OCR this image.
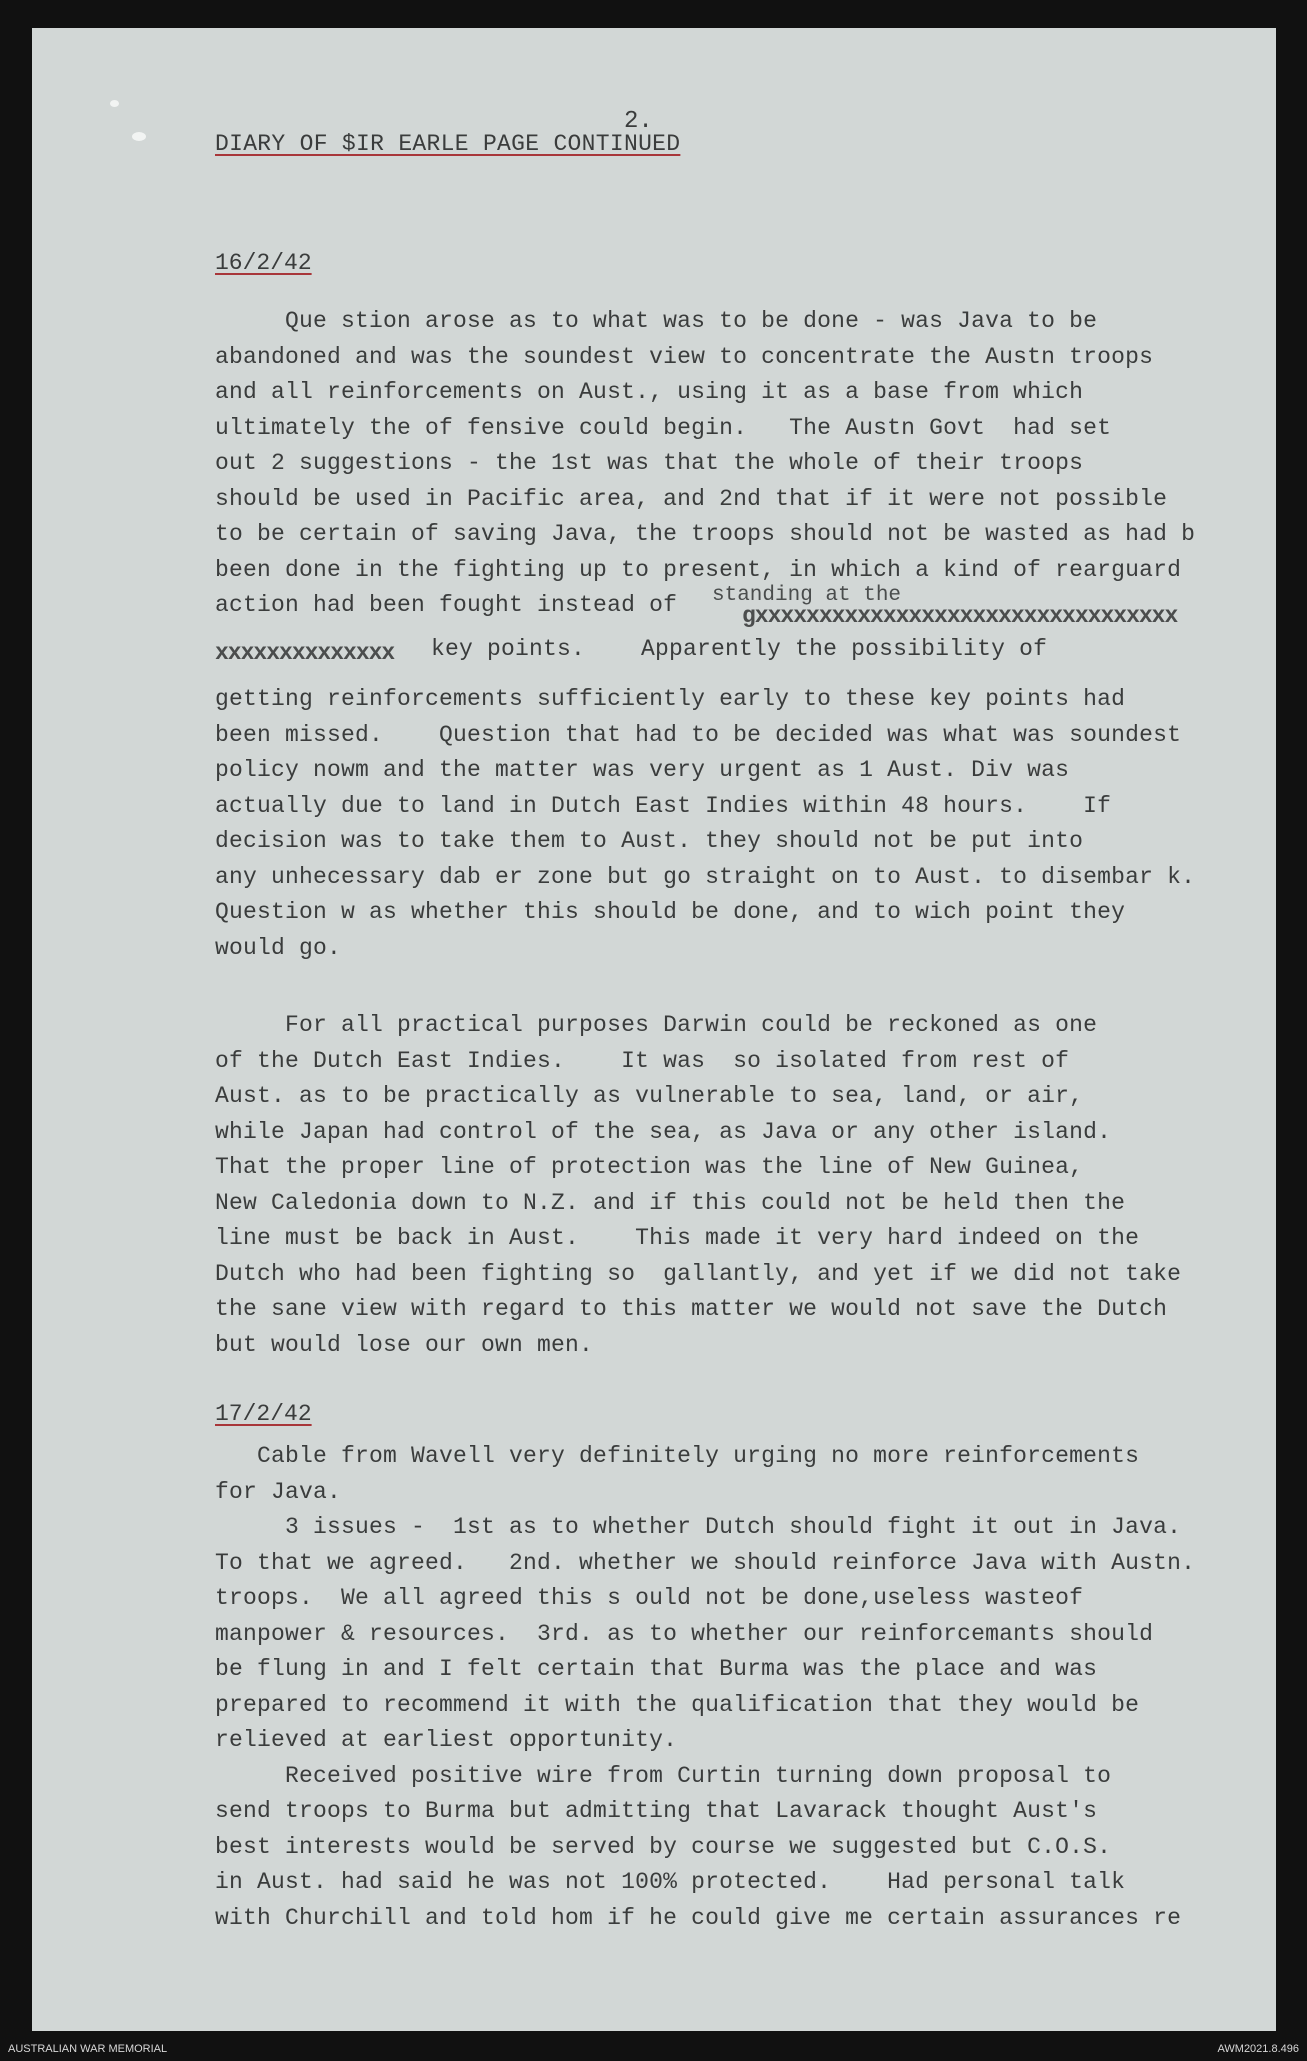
2.
DIARY OF $IR EARLE PAGE CONTINUED
16/2/42
Que stion arose as to what was to be done - was Java to be
abandoned and was the soundest view to concentrate the Austn troops
and all reinforcements on Aust., using it as a base from which
ultimately the of fensive could begin.   The Austn Govt  had set
out 2 suggestions - the 1st was that the whole of their troops
should be used in Pacific area, and 2nd that if it were not possible
to be certain of saving Java, the troops should not be wasted as had b
been done in the fighting up to present, in which a kind of rearguard
action had been fought instead of standing at the
gxxxxxxxxxxxxxxxxxxxxxxxxxxxxxxxxx
xxxxxxxxxxxxxx key points.    Apparently the possibility of
getting reinforcements sufficiently early to these key points had
been missed.    Question that had to be decided was what was soundest
policy nowm and the matter was very urgent as 1 Aust. Div was
actually due to land in Dutch East Indies within 48 hours.    If
decision was to take them to Aust. they should not be put into
any unhecessary dab er zone but go straight on to Aust. to disembar k.
Question w as whether this should be done, and to wich point they
would go.
For all practical purposes Darwin could be reckoned as one
of the Dutch East Indies.    It was  so isolated from rest of
Aust. as to be practically as vulnerable to sea, land, or air,
while Japan had control of the sea, as Java or any other island.
That the proper line of protection was the line of New Guinea,
New Caledonia down to N.Z. and if this could not be held then the
line must be back in Aust.    This made it very hard indeed on the
Dutch who had been fighting so  gallantly, and yet if we did not take
the sane view with regard to this matter we would not save the Dutch
but would lose our own men.
17/2/42
Cable from Wavell very definitely urging no more reinforcements
for Java.
3 issues -  1st as to whether Dutch should fight it out in Java.
To that we agreed.   2nd. whether we should reinforce Java with Austn.
troops.  We all agreed this s ould not be done,useless wasteof
manpower & resources.  3rd. as to whether our reinforcemants should
be flung in and I felt certain that Burma was the place and was
prepared to recommend it with the qualification that they would be
relieved at earliest opportunity.
Received positive wire from Curtin turning down proposal to
send troops to Burma but admitting that Lavarack thought Aust's
best interests would be served by course we suggested but C.O.S.
in Aust. had said he was not 100% protected.    Had personal talk
with Churchill and told hom if he could give me certain assurances re
AUSTRALIAN WAR MEMORIAL	AWM2021.8.496
